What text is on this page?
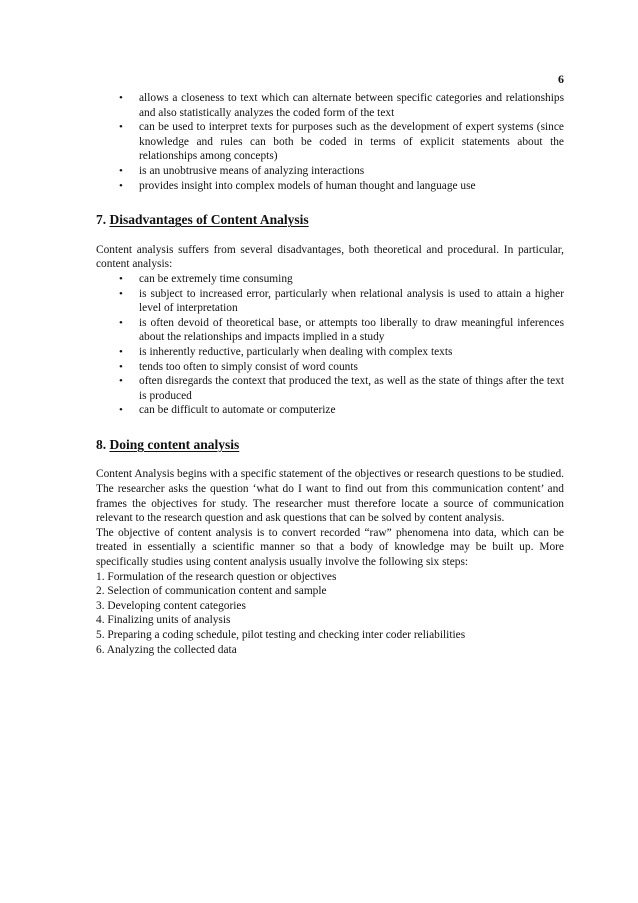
6
• allows a closeness to text which can alternate between specific categories and relationships and also statistically analyzes the coded form of the text
• can be used to interpret texts for purposes such as the development of expert systems (since knowledge and rules can both be coded in terms of explicit statements about the relationships among concepts)
• is an unobtrusive means of analyzing interactions
• provides insight into complex models of human thought and language use
7. Disadvantages of Content Analysis

Content analysis suffers from several disadvantages, both theoretical and procedural. In particular, content analysis:

• can be extremely time consuming
• is subject to increased error, particularly when relational analysis is used to attain a higher level of interpretation
• is often devoid of theoretical base, or attempts too liberally to draw meaningful inferences about the relationships and impacts implied in a study
• is inherently reductive, particularly when dealing with complex texts
• tends too often to simply consist of word counts
• often disregards the context that produced the text, as well as the state of things after the text is produced
• can be difficult to automate or computerize
8. Doing content analysis

Content Analysis begins with a specific statement of the objectives or research questions to be studied. The researcher asks the question ‘what do I want to find out from this communication content’ and frames the objectives for study. The researcher must therefore locate a source of communication relevant to the research question and ask questions that can be solved by content analysis.

The objective of content analysis is to convert recorded “raw” phenomena into data, which can be treated in essentially a scientific manner so that a body of knowledge may be built up. More specifically studies using content analysis usually involve the following six steps:

1. Formulation of the research question or objectives
2. Selection of communication content and sample
3. Developing content categories
4. Finalizing units of analysis
5. Preparing a coding schedule, pilot testing and checking inter coder reliabilities
6. Analyzing the collected data
